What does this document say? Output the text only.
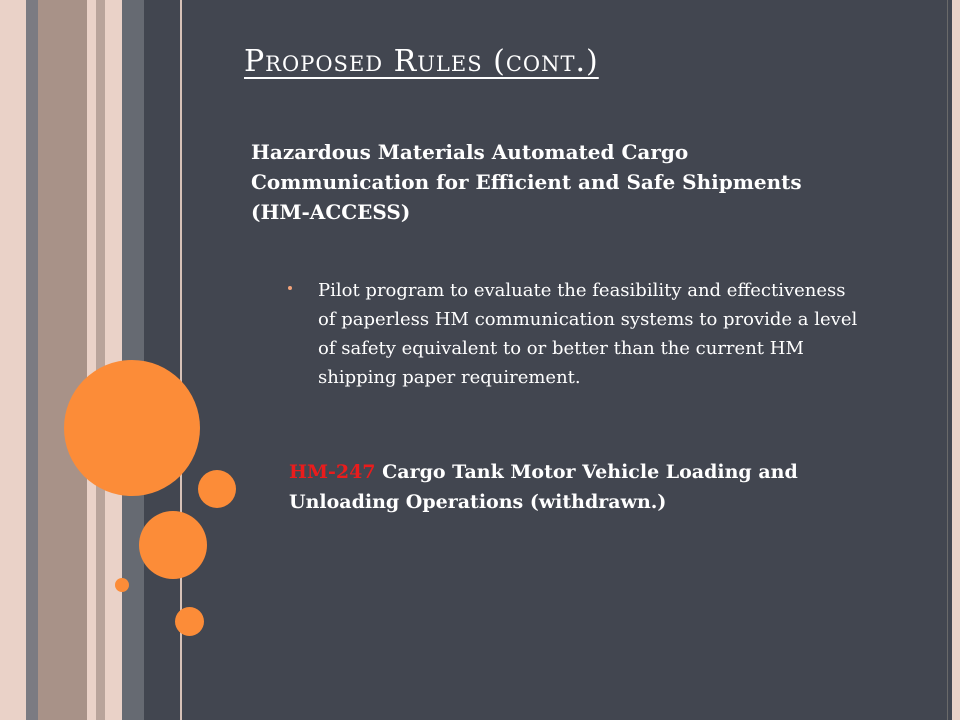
Proposed Rules (cont.)

Hazardous Materials Automated Cargo Communication for Efficient and Safe Shipments (HM-ACCESS)

Pilot program to evaluate the feasibility and effectiveness of paperless HM communication systems to provide a level of safety equivalent to or better than the current HM shipping paper requirement.

HM-247 Cargo Tank Motor Vehicle Loading and Unloading Operations (withdrawn.)
